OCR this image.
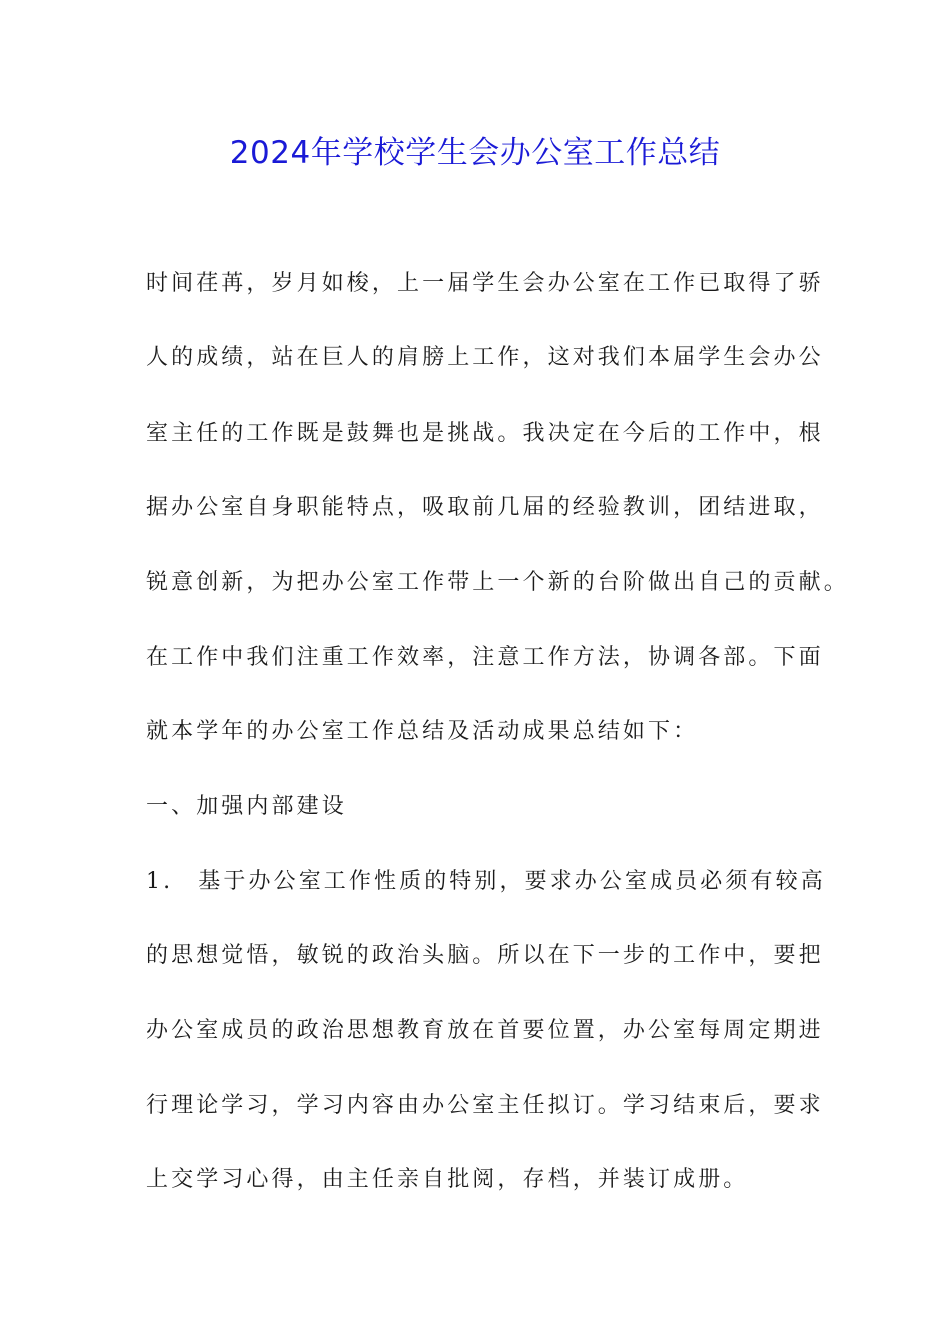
2024年学校学生会办公室工作总结
时间荏苒，岁月如梭，上一届学生会办公室在工作已取得了骄
人的成绩，站在巨人的肩膀上工作，这对我们本届学生会办公
室主任的工作既是鼓舞也是挑战。我决定在今后的工作中，根
据办公室自身职能特点，吸取前几届的经验教训，团结进取，
锐意创新，为把办公室工作带上一个新的台阶做出自己的贡献。
在工作中我们注重工作效率，注意工作方法，协调各部。下面
就本学年的办公室工作总结及活动成果总结如下：
一、加强内部建设
1.　基于办公室工作性质的特别，要求办公室成员必须有较高
的思想觉悟，敏锐的政治头脑。所以在下一步的工作中，要把
办公室成员的政治思想教育放在首要位置，办公室每周定期进
行理论学习，学习内容由办公室主任拟订。学习结束后，要求
上交学习心得，由主任亲自批阅，存档，并装订成册。
